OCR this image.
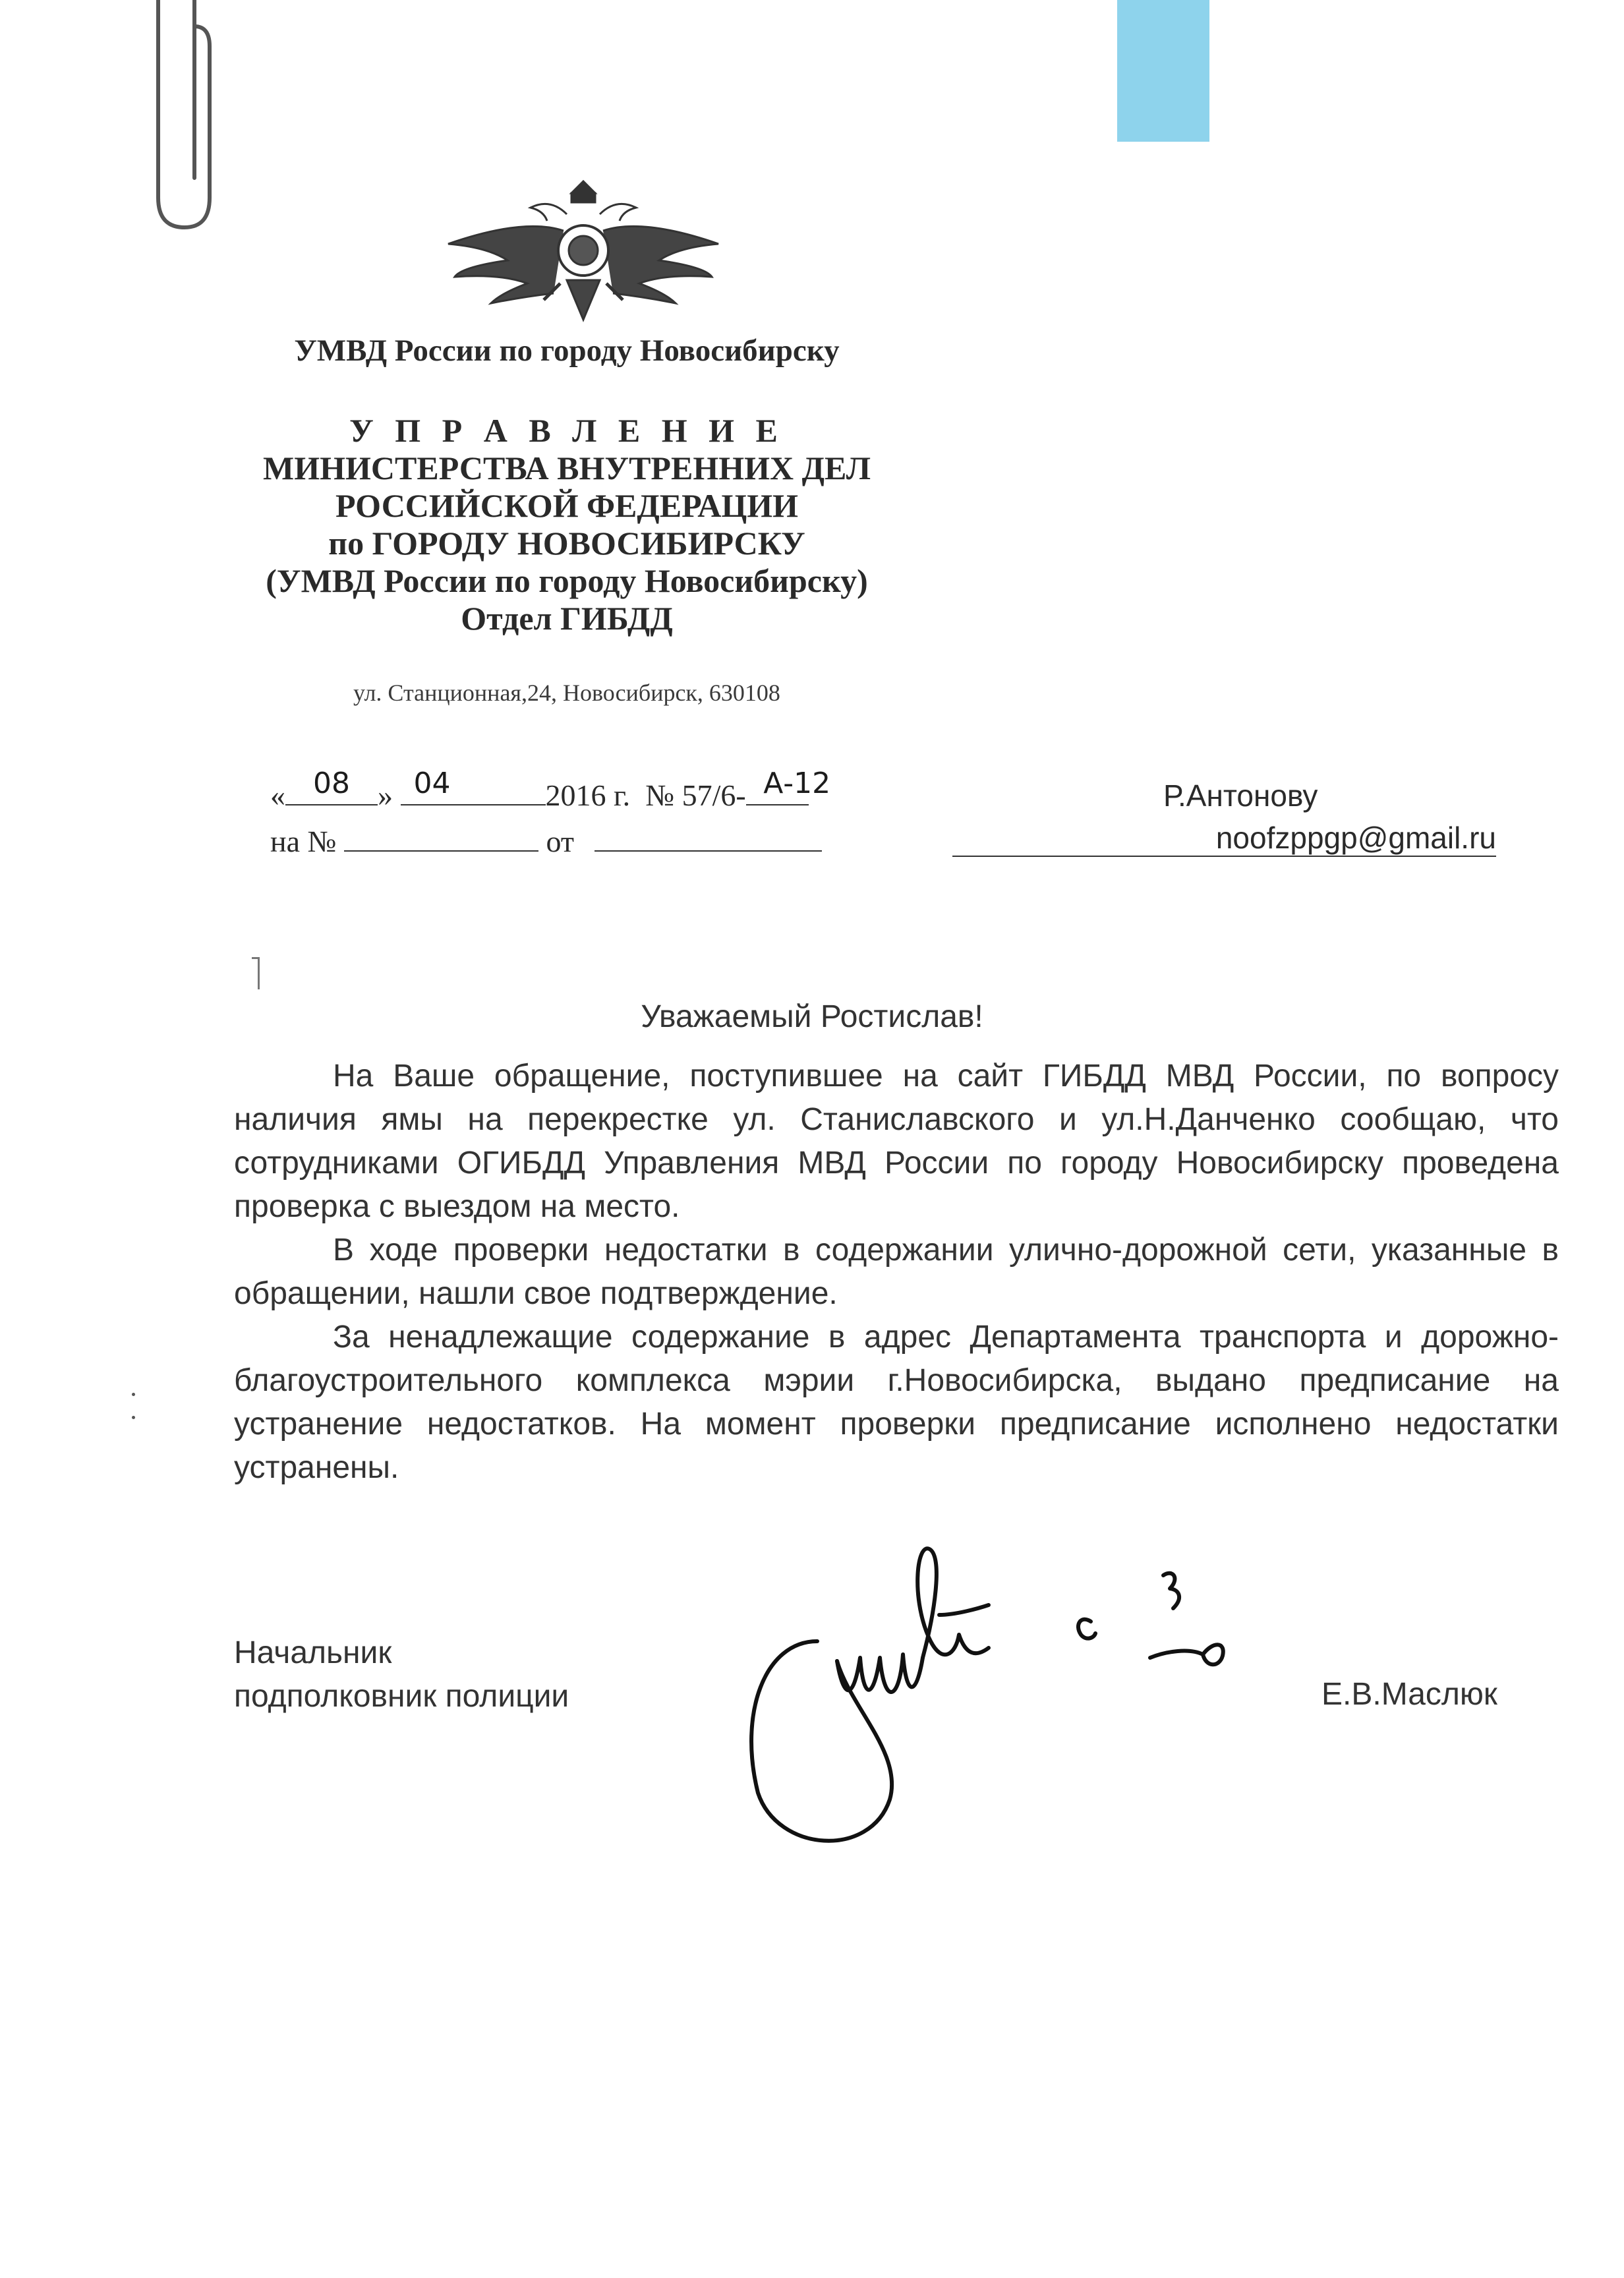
УМВД России по городу Новосибирску
У П Р А В Л Е Н И Е
МИНИСТЕРСТВА ВНУТРЕННИХ ДЕЛ
РОССИЙСКОЙ ФЕДЕРАЦИИ
по ГОРОДУ НОВОСИБИРСКУ
(УМВД России по городу Новосибирску)
Отдел ГИБДД
ул. Станционная,24, Новосибирск, 630108
« 08 » 04	2016 г. № 57/6- А-12
на №	от
Р.Антонову
noofzppgp@gmail.ru
Уважаемый Ростислав!

На Ваше обращение, поступившее на сайт ГИБДД МВД России, по вопросу наличия ямы на перекрестке ул. Станиславского и ул.Н.Данченко сообщаю, что сотрудниками ОГИБДД Управления МВД России по городу Новосибирску проведена проверка с выездом на место.

В ходе проверки недостатки в содержании улично-дорожной сети, указанные в обращении, нашли свое подтверждение.

За ненадлежащие содержание в адрес Департамента транспорта и дорожно-благоустроительного комплекса мэрии г.Новосибирска, выдано предписание на устранение недостатков. На момент проверки предписание исполнено недостатки устранены.

Начальник
подполковник полиции	Е.В.Маслюк
